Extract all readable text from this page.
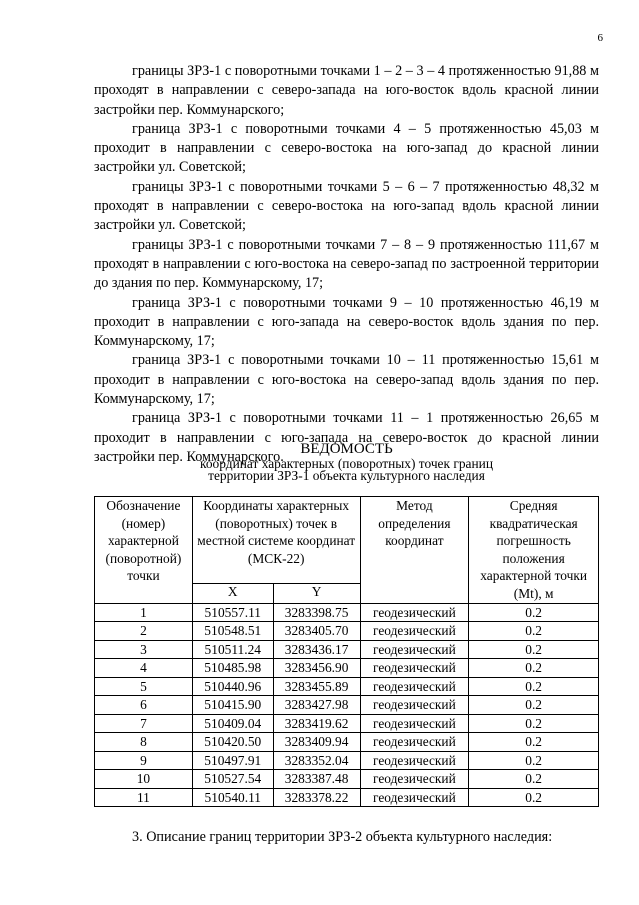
6

границы ЗРЗ-1 с поворотными точками 1 – 2 – 3 – 4 протяженностью 91,88 м проходят в направлении с северо-запада на юго-восток вдоль красной линии застройки пер. Коммунарского;

граница ЗРЗ-1 с поворотными точками 4 – 5 протяженностью 45,03 м проходит в направлении с северо-востока на юго-запад до красной линии застройки ул. Советской;

границы ЗРЗ-1 с поворотными точками 5 – 6 – 7 протяженностью 48,32 м проходят в направлении с северо-востока на юго-запад вдоль красной линии застройки ул. Советской;

границы ЗРЗ-1 с поворотными точками 7 – 8 – 9 протяженностью 111,67 м проходят в направлении с юго-востока на северо-запад по застроенной территории до здания по пер. Коммунарскому, 17;

граница ЗРЗ-1 с поворотными точками 9 – 10 протяженностью 46,19 м проходит в направлении с юго-запада на северо-восток вдоль здания по пер. Коммунарскому, 17;

граница ЗРЗ-1 с поворотными точками 10 – 11 протяженностью 15,61 м проходит в направлении с юго-востока на северо-запад вдоль здания по пер. Коммунарскому, 17;

граница ЗРЗ-1 с поворотными точками 11 – 1 протяженностью 26,65 м проходит в направлении с юго-запада на северо-восток до красной линии застройки пер. Коммунарского.	ВЕДОМОСТЬ
координат характерных (поворотных) точек границ
территории ЗРЗ-1 объекта культурного наследия
Обозначение (номер) характерной (поворотной) точки	Координаты характерных (поворотных) точек в местной системе координат (МСК-22)		Метод определения координат	Средняя квадратическая погрешность положения характерной точки (Mt), м
	X	Y		
1	510557.11	3283398.75	геодезический	0.2
2	510548.51	3283405.70	геодезический	0.2
3	510511.24	3283436.17	геодезический	0.2
4	510485.98	3283456.90	геодезический	0.2
5	510440.96	3283455.89	геодезический	0.2
6	510415.90	3283427.98	геодезический	0.2
7	510409.04	3283419.62	геодезический	0.2
8	510420.50	3283409.94	геодезический	0.2
9	510497.91	3283352.04	геодезический	0.2
10	510527.54	3283387.48	геодезический	0.2
11	510540.11	3283378.22	геодезический	0.2
3. Описание границ территории ЗРЗ-2 объекта культурного наследия:
